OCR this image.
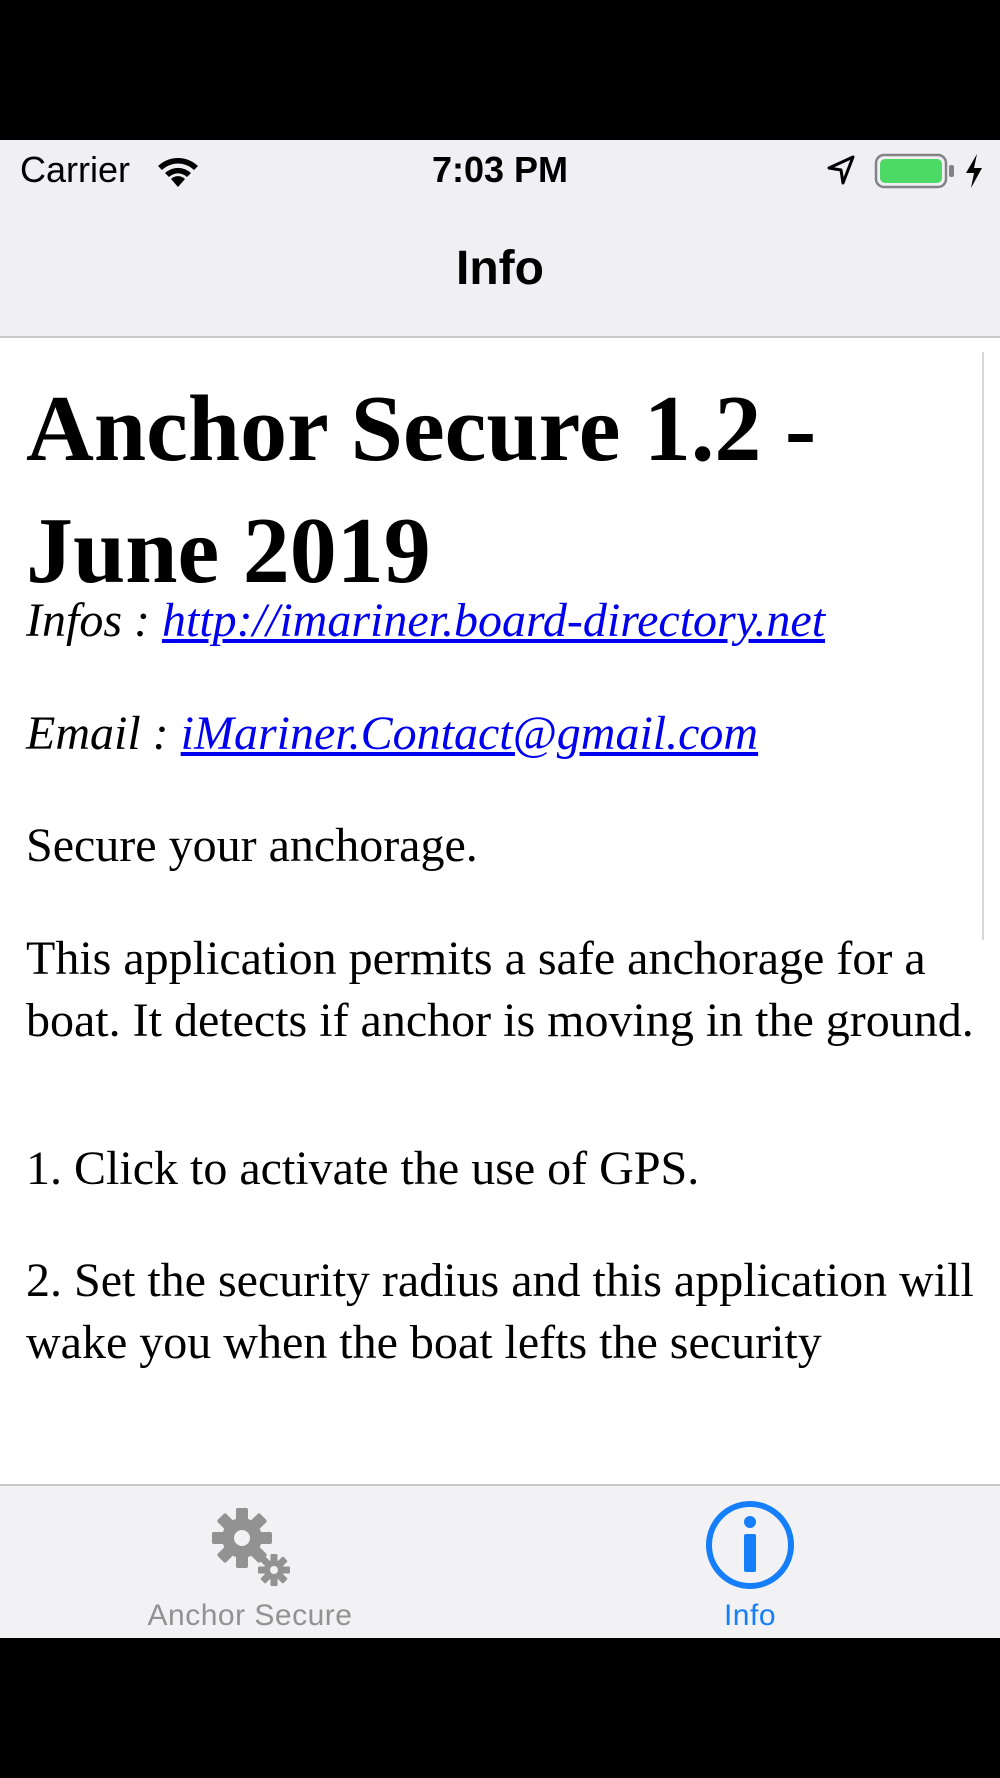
Carrier	7:03 PM
Info
Anchor Secure 1.2 - June 2019

Infos : http://imariner.board-directory.net

Email : iMariner.Contact@gmail.com

Secure your anchorage.

This application permits a safe anchorage for a boat. It detects if anchor is moving in the ground.

1. Click to activate the use of GPS.

2. Set the security radius and this application will wake you when the boat lefts the security

Anchor Secure	Info
